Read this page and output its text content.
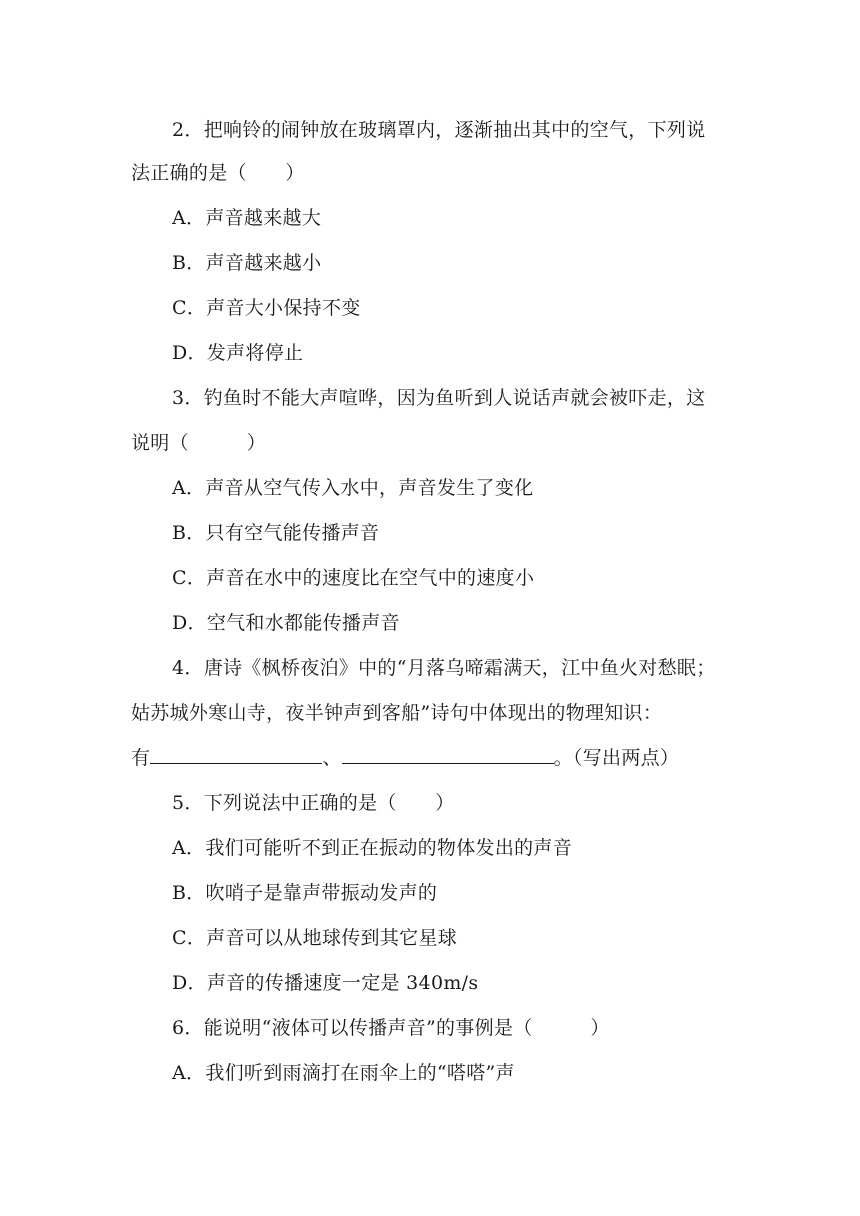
2．把响铃的闹钟放在玻璃罩内，逐渐抽出其中的空气，下列说
法正确的是（　　）
A．声音越来越大
B．声音越来越小
C．声音大小保持不变
D．发声将停止
3．钓鱼时不能大声喧哗，因为鱼听到人说话声就会被吓走，这
说明（　　　）
A．声音从空气传入水中，声音发生了变化
B．只有空气能传播声音
C．声音在水中的速度比在空气中的速度小
D．空气和水都能传播声音
4．唐诗《枫桥夜泊》中的“月落乌啼霜满天，江中鱼火对愁眠；
姑苏城外寒山寺，夜半钟声到客船”诗句中体现出的物理知识：
有	、	。（写出两点）
5．下列说法中正确的是（　　）
A．我们可能听不到正在振动的物体发出的声音
B．吹哨子是靠声带振动发声的
C．声音可以从地球传到其它星球
D．声音的传播速度一定是 340m/s
6．能说明“液体可以传播声音”的事例是（　　　）
A．我们听到雨滴打在雨伞上的“嗒嗒”声
